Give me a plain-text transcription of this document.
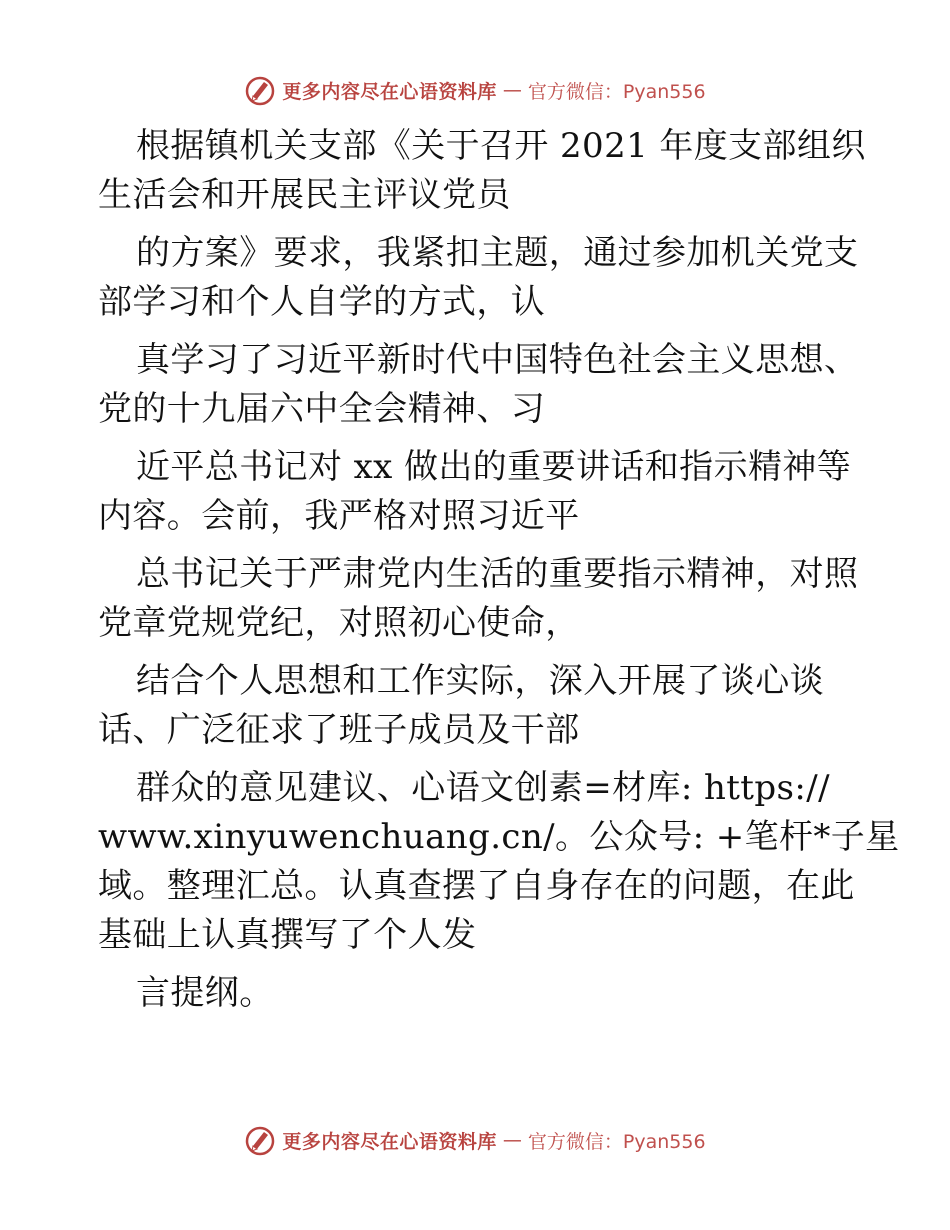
更多内容尽在心语资料库 — 官方微信：Pyan556
根据镇机关支部《关于召开 2021 年度支部组织
生活会和开展民主评议党员
的方案》要求，我紧扣主题，通过参加机关党支
部学习和个人自学的方式，认
真学习了习近平新时代中国特色社会主义思想、
党的十九届六中全会精神、习
近平总书记对 xx 做出的重要讲话和指示精神等
内容。会前，我严格对照习近平
总书记关于严肃党内生活的重要指示精神，对照
党章党规党纪，对照初心使命，
结合个人思想和工作实际，深入开展了谈心谈
话、广泛征求了班子成员及干部
群众的意见建议、心语文创素=材库: https://
www.xinyuwenchuang.cn/。公众号: +笔杆*子星
域。整理汇总。认真查摆了自身存在的问题，在此
基础上认真撰写了个人发
言提纲。
更多内容尽在心语资料库 — 官方微信：Pyan556
